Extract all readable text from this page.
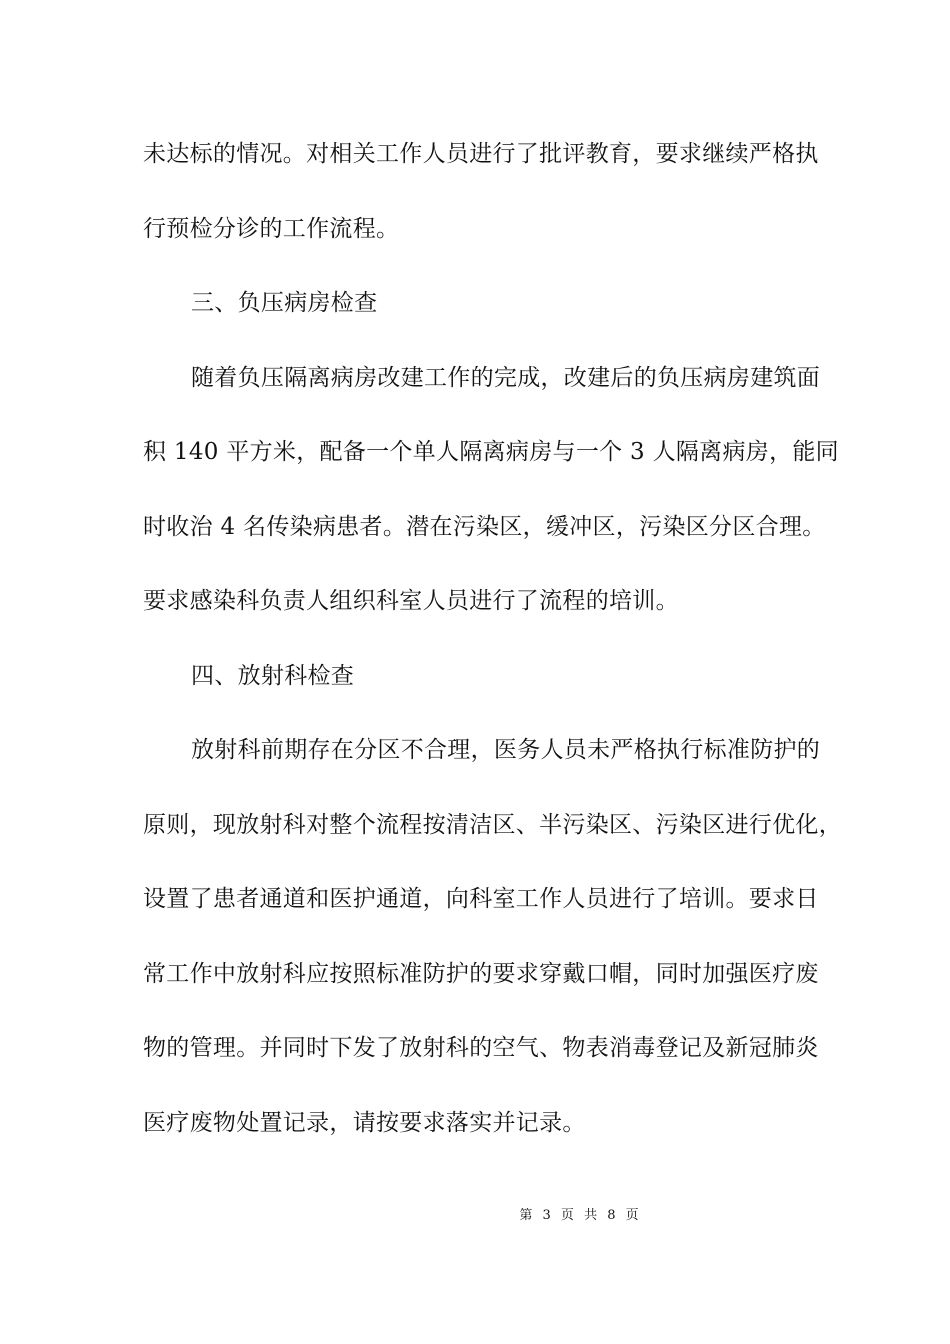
未达标的情况。对相关工作人员进行了批评教育，要求继续严格执
行预检分诊的工作流程。
三、负压病房检查
随着负压隔离病房改建工作的完成，改建后的负压病房建筑面
积 140 平方米，配备一个单人隔离病房与一个 3 人隔离病房，能同
时收治 4 名传染病患者。潜在污染区，缓冲区，污染区分区合理。
要求感染科负责人组织科室人员进行了流程的培训。
四、放射科检查
放射科前期存在分区不合理，医务人员未严格执行标准防护的
原则，现放射科对整个流程按清洁区、半污染区、污染区进行优化，
设置了患者通道和医护通道，向科室工作人员进行了培训。要求日
常工作中放射科应按照标准防护的要求穿戴口帽，同时加强医疗废
物的管理。并同时下发了放射科的空气、物表消毒登记及新冠肺炎
医疗废物处置记录，请按要求落实并记录。
第 3 页 共 8 页
